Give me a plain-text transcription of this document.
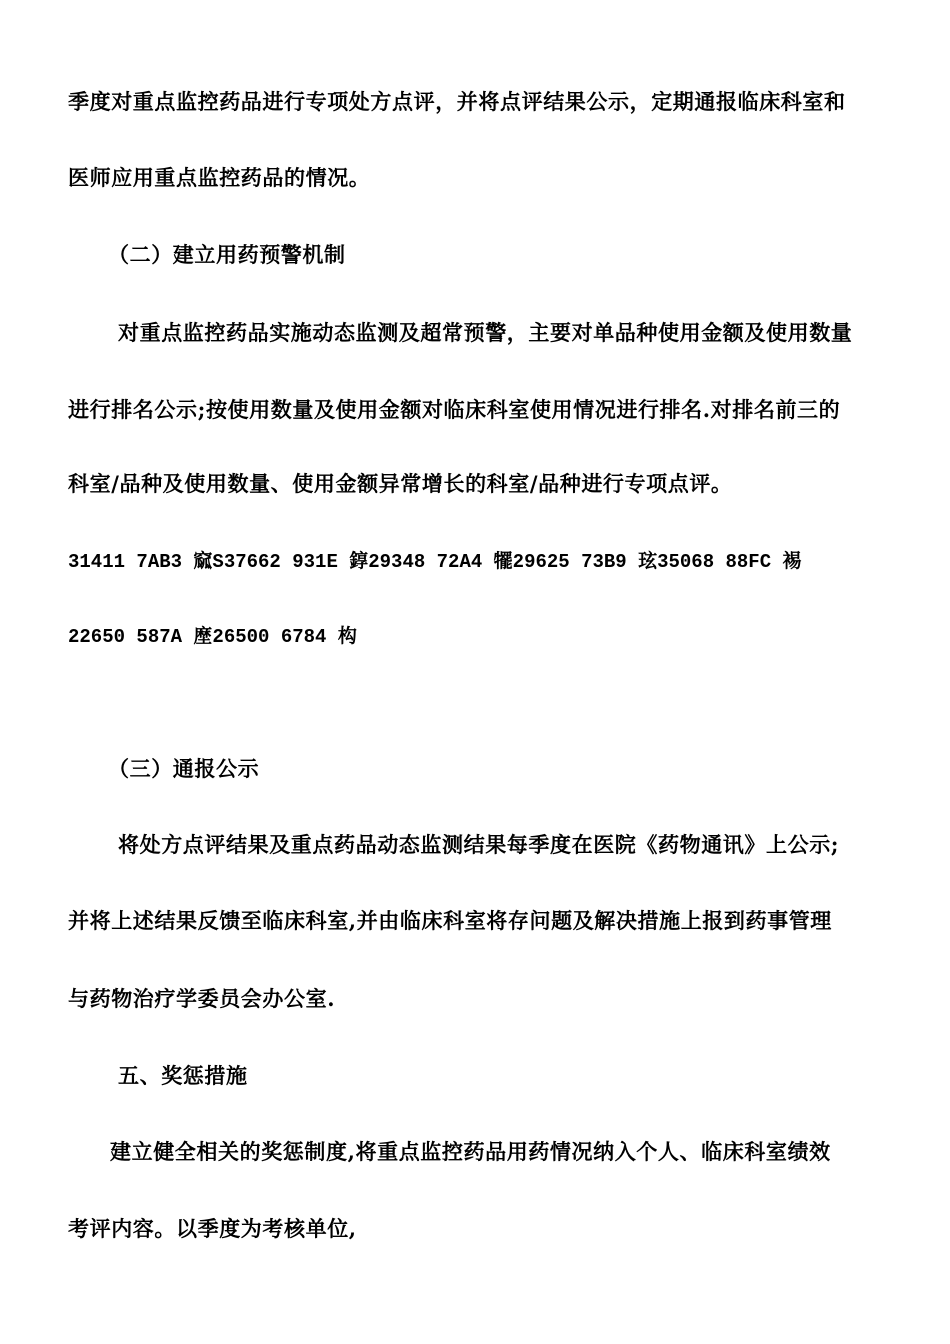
季度对重点监控药品进行专项处方点评，并将点评结果公示，定期通报临床科室和
医师应用重点监控药品的情况。
（二）建立用药预警机制
对重点监控药品实施动态监测及超常预警，主要对单品种使用金额及使用数量
进行排名公示;按使用数量及使用金额对临床科室使用情况进行排名.对排名前三的
科室/品种及使用数量、使用金额异常增长的科室/品种进行专项点评。
31411 7AB3 窳S37662 931E 錞29348 72A4 犤29625 73B9 玹35068 88FC 裼
22650 587A 塺26500 6784 构
（三）通报公示
将处方点评结果及重点药品动态监测结果每季度在医院《药物通讯》上公示;
并将上述结果反馈至临床科室,并由临床科室将存问题及解决措施上报到药事管理
与药物治疗学委员会办公室.
五、奖惩措施
建立健全相关的奖惩制度,将重点监控药品用药情况纳入个人、临床科室绩效
考评内容。以季度为考核单位,
